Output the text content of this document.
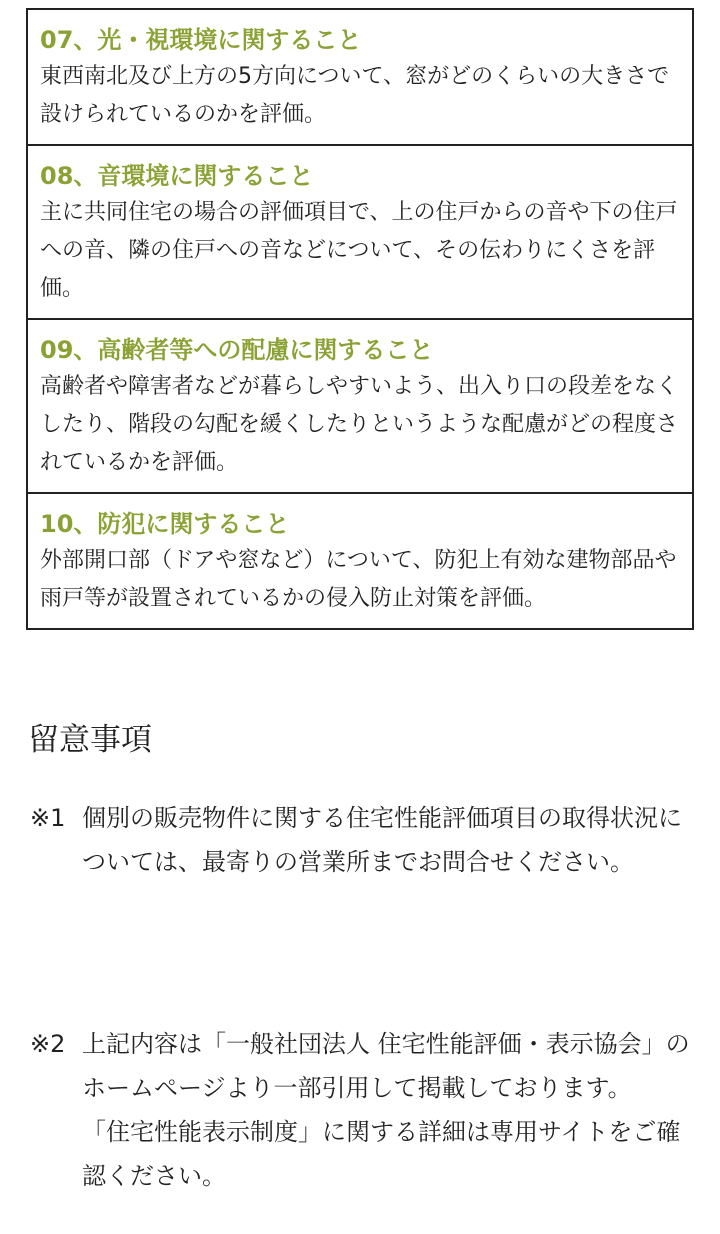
07、光・視環境に関すること

東西南北及び上方の5方向について、窓がどのくらいの大きさで設けられているのかを評価。

08、音環境に関すること

主に共同住宅の場合の評価項目で、上の住戸からの音や下の住戸への音、隣の住戸への音などについて、その伝わりにくさを評価。

09、高齢者等への配慮に関すること

高齢者や障害者などが暮らしやすいよう、出入り口の段差をなくしたり、階段の勾配を緩くしたりというような配慮がどの程度されているかを評価。

10、防犯に関すること

外部開口部（ドアや窓など）について、防犯上有効な建物部品や雨戸等が設置されているかの侵入防止対策を評価。

留意事項
※1 個別の販売物件に関する住宅性能評価項目の取得状況については、最寄りの営業所までお問合せください。

※2 上記内容は「一般社団法人 住宅性能評価・表示協会」のホームページより一部引用して掲載しております。

「住宅性能表示制度」に関する詳細は専用サイトをご確認ください。
